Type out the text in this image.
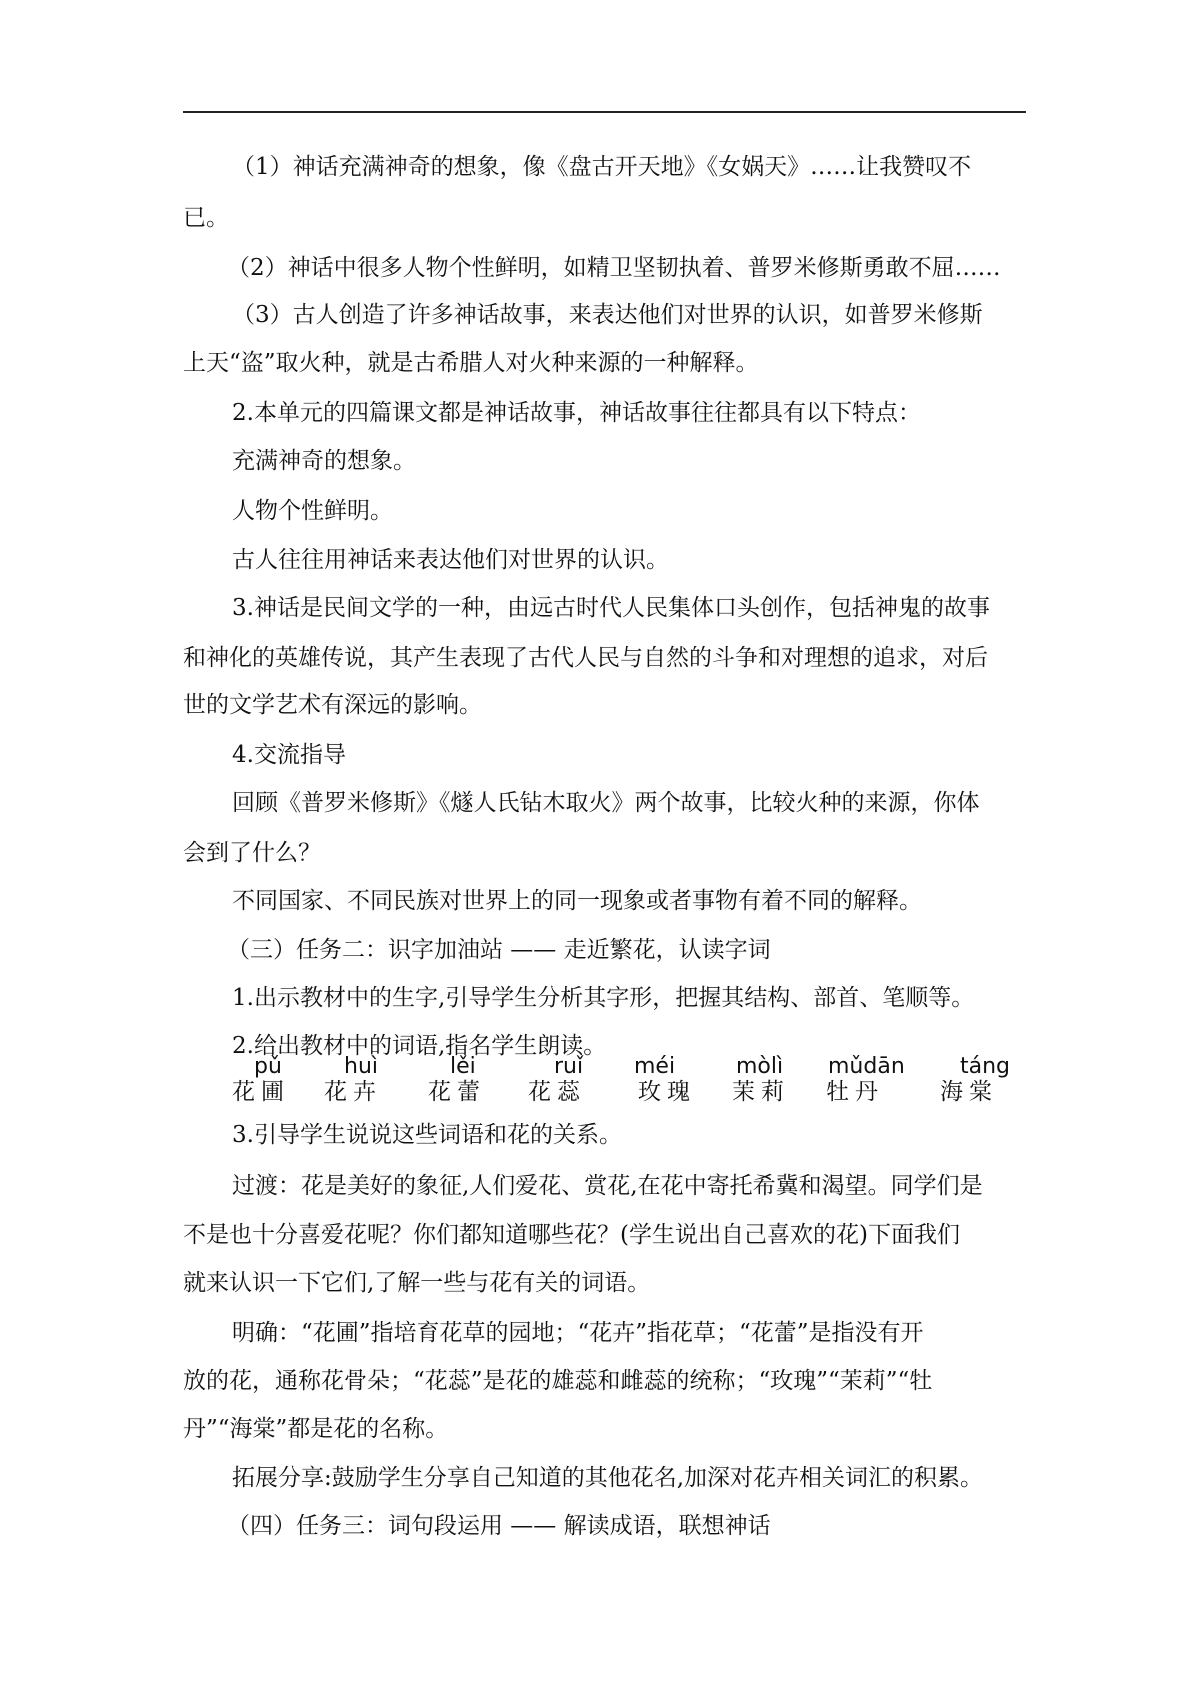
（1）神话充满神奇的想象，像《盘古开天地》《女娲天》……让我赞叹不
已。
（2）神话中很多人物个性鲜明，如精卫坚韧执着、普罗米修斯勇敢不屈……
（3）古人创造了许多神话故事，来表达他们对世界的认识，如普罗米修斯
上天“盗”取火种，就是古希腊人对火种来源的一种解释。
2.本单元的四篇课文都是神话故事，神话故事往往都具有以下特点：
充满神奇的想象。
人物个性鲜明。
古人往往用神话来表达他们对世界的认识。
3.神话是民间文学的一种，由远古时代人民集体口头创作，包括神鬼的故事
和神化的英雄传说，其产生表现了古代人民与自然的斗争和对理想的追求，对后
世的文学艺术有深远的影响。
4.交流指导
回顾《普罗米修斯》《燧人氏钻木取火》两个故事，比较火种的来源，你体
会到了什么？
不同国家、不同民族对世界上的同一现象或者事物有着不同的解释。
（三）任务二：识字加油站 —— 走近繁花，认读字词
1.出示教材中的生字,引导学生分析其字形，把握其结构、部首、笔顺等。
2.给出教材中的词语,指名学生朗读。
pǔ	huì	lěi	ruǐ méi	mòlì mǔdān	táng
花圃 花卉 花蕾 花蕊 玫瑰 茉莉 牡丹 海棠
3.引导学生说说这些词语和花的关系。
过渡：花是美好的象征,人们爱花、赏花,在花中寄托希冀和渴望。同学们是
不是也十分喜爱花呢？你们都知道哪些花？(学生说出自己喜欢的花)下面我们
就来认识一下它们,了解一些与花有关的词语。
明确：“花圃”指培育花草的园地；“花卉”指花草；“花蕾”是指没有开
放的花，通称花骨朵；“花蕊”是花的雄蕊和雌蕊的统称；“玫瑰”“茉莉”“牡
丹”“海棠”都是花的名称。
拓展分享:鼓励学生分享自己知道的其他花名,加深对花卉相关词汇的积累。
（四）任务三：词句段运用 —— 解读成语，联想神话
